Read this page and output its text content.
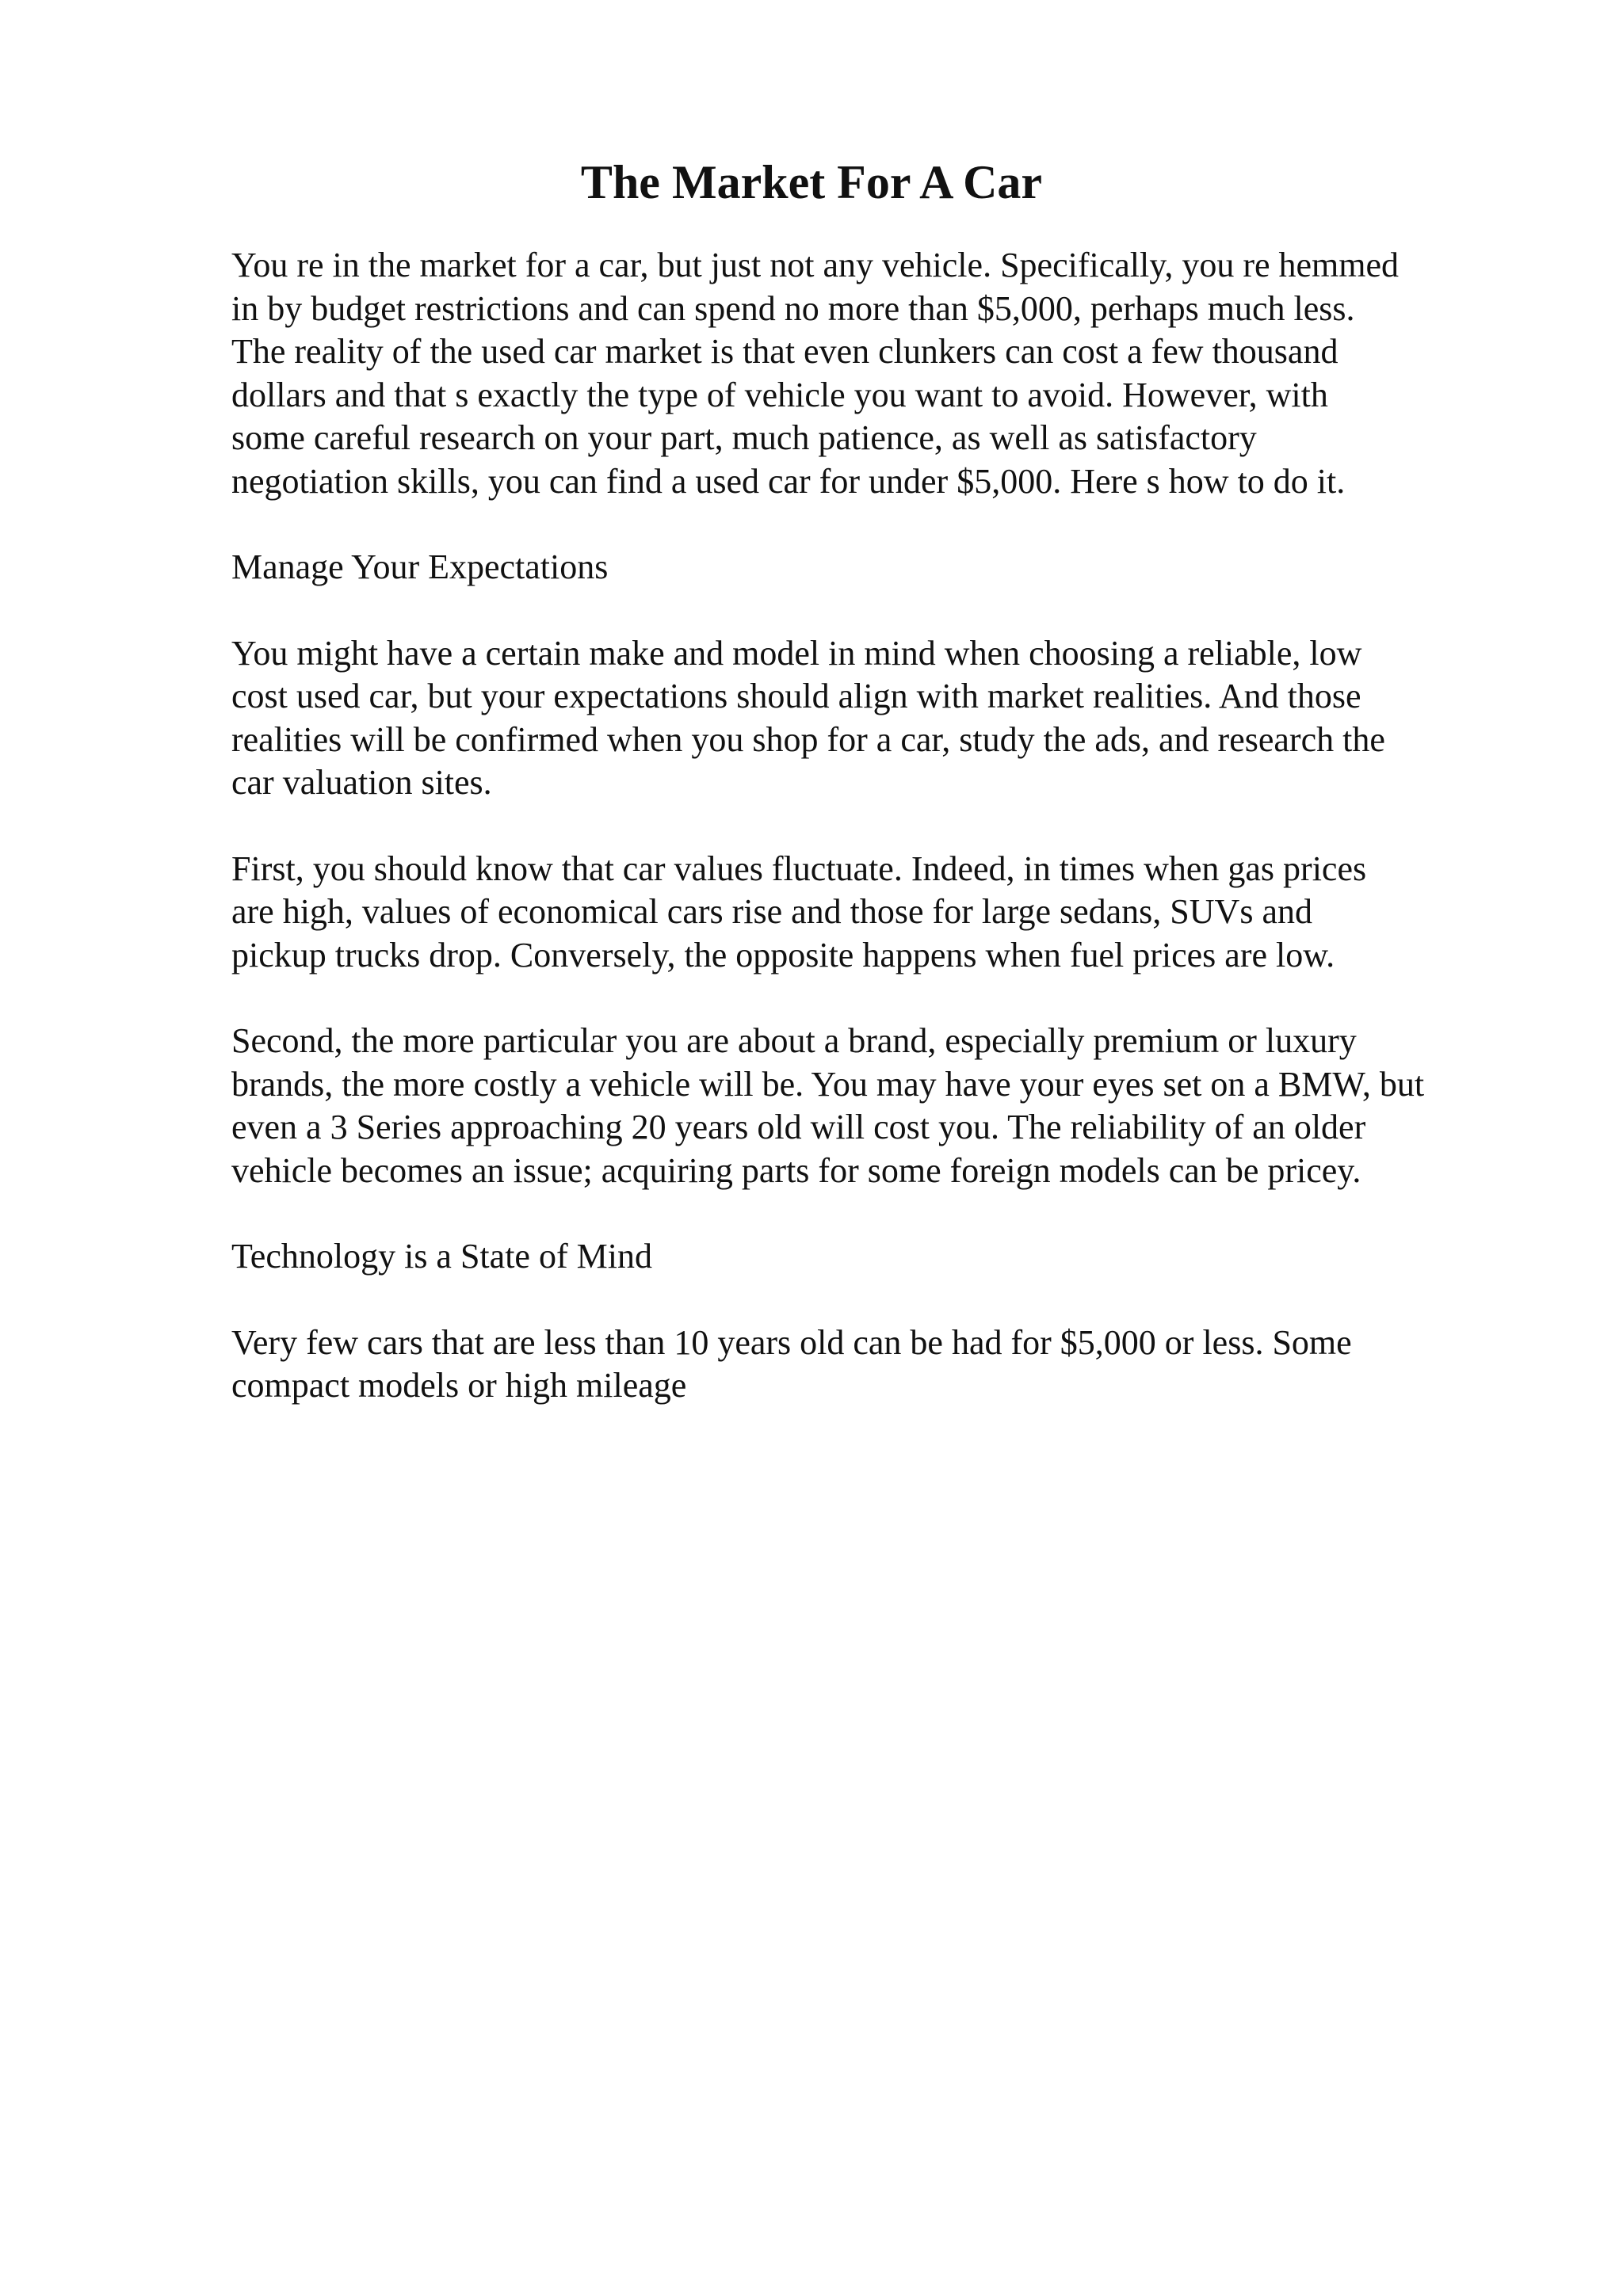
The Market For A Car

You re in the market for a car, but just not any vehicle. Specifically, you re hemmed
in by budget restrictions and can spend no more than $5,000, perhaps much less.
The reality of the used car market is that even clunkers can cost a few thousand
dollars and that s exactly the type of vehicle you want to avoid. However, with
some careful research on your part, much patience, as well as satisfactory
negotiation skills, you can find a used car for under $5,000. Here s how to do it.

Manage Your Expectations

You might have a certain make and model in mind when choosing a reliable, low
cost used car, but your expectations should align with market realities. And those
realities will be confirmed when you shop for a car, study the ads, and research the
car valuation sites.

First, you should know that car values fluctuate. Indeed, in times when gas prices
are high, values of economical cars rise and those for large sedans, SUVs and
pickup trucks drop. Conversely, the opposite happens when fuel prices are low.

Second, the more particular you are about a brand, especially premium or luxury
brands, the more costly a vehicle will be. You may have your eyes set on a BMW, but
even a 3 Series approaching 20 years old will cost you. The reliability of an older
vehicle becomes an issue; acquiring parts for some foreign models can be pricey.

Technology is a State of Mind

Very few cars that are less than 10 years old can be had for $5,000 or less. Some
compact models or high mileage
